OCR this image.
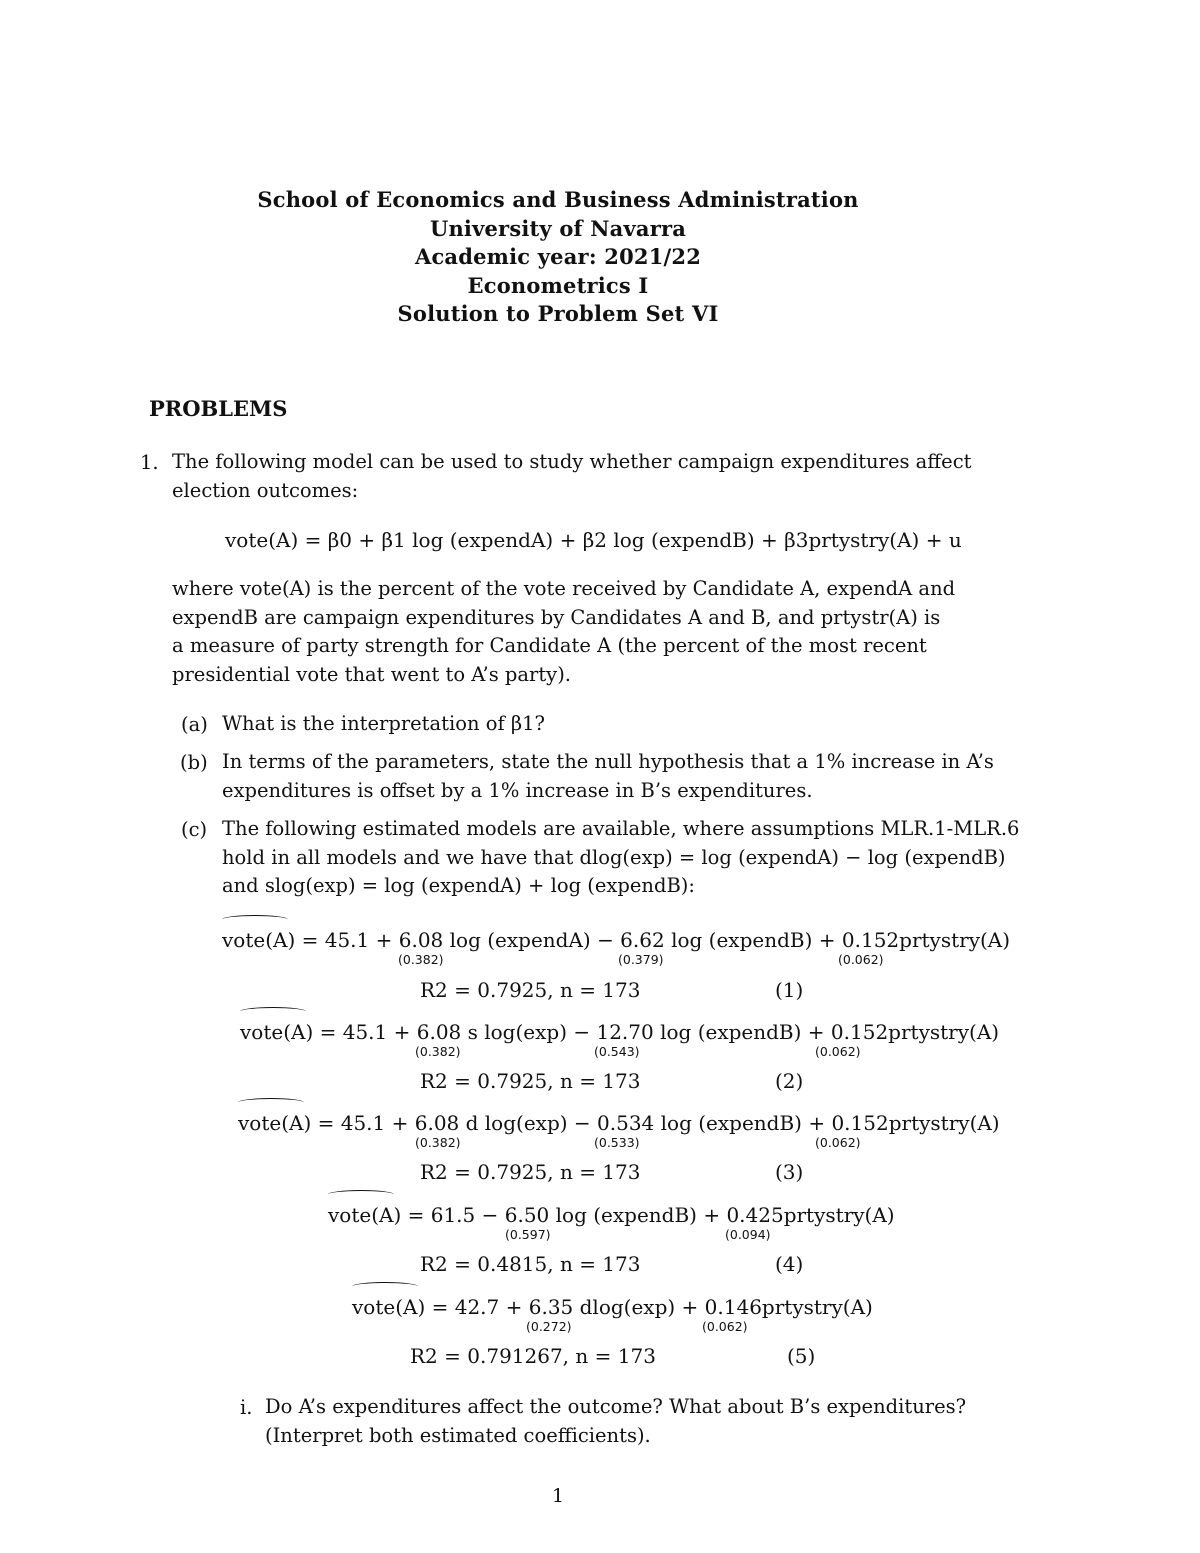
School of Economics and Business Administration
University of Navarra
Academic year: 2021/22
Econometrics I
Solution to Problem Set VI
PROBLEMS
1. The following model can be used to study whether campaign expenditures affect
election outcomes:
vote(A) = β0 + β1 log (expendA) + β2 log (expendB) + β3prtystry(A) + u
where vote(A) is the percent of the vote received by Candidate A, expendA and
expendB are campaign expenditures by Candidates A and B, and prtystr(A) is
a measure of party strength for Candidate A (the percent of the most recent
presidential vote that went to A’s party).
(a) What is the interpretation of β1?
(b) In terms of the parameters, state the null hypothesis that a 1% increase in A’s
expenditures is offset by a 1% increase in B’s expenditures.
(c) The following estimated models are available, where assumptions MLR.1-MLR.6
hold in all models and we have that dlog(exp) = log (expendA) − log (expendB)
and slog(exp) = log (expendA) + log (expendB):
vote(A) = 45.1 + 6.08 log (expendA) − 6.62 log (expendB) + 0.152prtystry(A)
(0.382)	(0.379)	(0.062)
R2 = 0.7925, n = 173	(1)
vote(A) = 45.1 + 6.08 s log(exp) − 12.70 log (expendB) + 0.152prtystry(A)
(0.382)	(0.543)	(0.062)
R2 = 0.7925, n = 173	(2)
vote(A) = 45.1 + 6.08 d log(exp) − 0.534 log (expendB) + 0.152prtystry(A)
(0.382)	(0.533)	(0.062)
R2 = 0.7925, n = 173	(3)
vote(A) = 61.5 − 6.50 log (expendB) + 0.425prtystry(A)
(0.597)	(0.094)
R2 = 0.4815, n = 173	(4)
vote(A) = 42.7 + 6.35 dlog(exp) + 0.146prtystry(A)
(0.272)	(0.062)
R2 = 0.791267, n = 173	(5)
i. Do A’s expenditures affect the outcome? What about B’s expenditures?
(Interpret both estimated coefficients).
1
